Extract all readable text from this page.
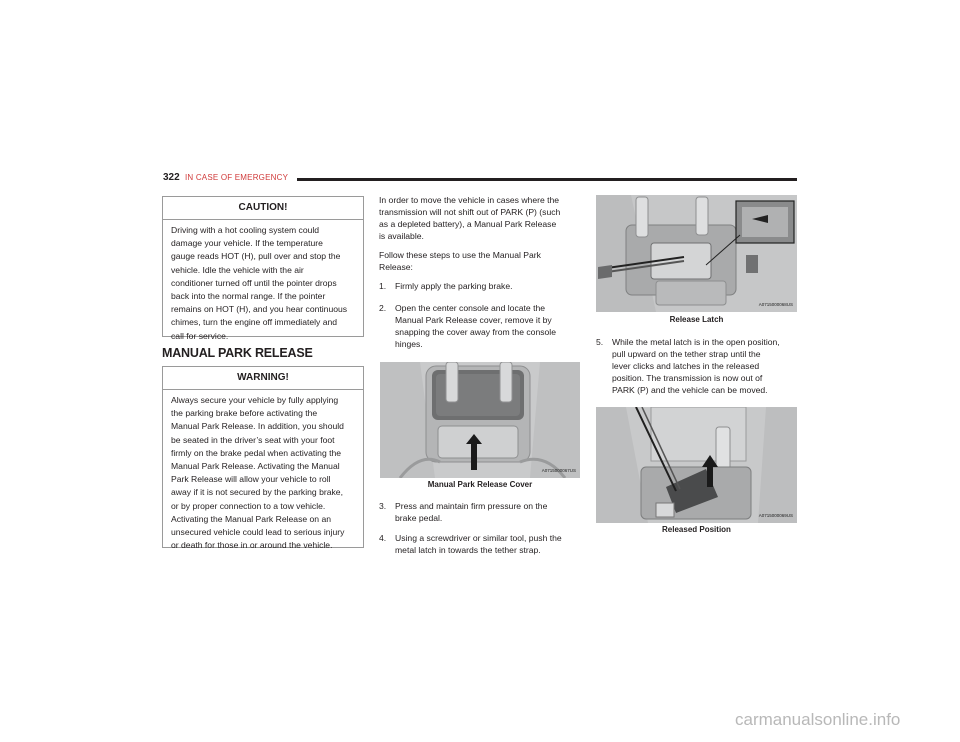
322 IN CASE OF EMERGENCY
CAUTION!
Driving with a hot cooling system could
damage your vehicle. If the temperature
gauge reads HOT (H), pull over and stop the
vehicle. Idle the vehicle with the air
conditioner turned off until the pointer drops
back into the normal range. If the pointer
remains on HOT (H), and you hear continuous
chimes, turn the engine off immediately and
call for service.
MANUAL PARK RELEASE
WARNING!
Always secure your vehicle by fully applying
the parking brake before activating the
Manual Park Release. In addition, you should
be seated in the driver’s seat with your foot
firmly on the brake pedal when activating the
Manual Park Release. Activating the Manual
Park Release will allow your vehicle to roll
away if it is not secured by the parking brake,
or by proper connection to a tow vehicle.
Activating the Manual Park Release on an
unsecured vehicle could lead to serious injury
or death for those in or around the vehicle.
In order to move the vehicle in cases where the
transmission will not shift out of PARK (P) (such
as a depleted battery), a Manual Park Release
is available.
Follow these steps to use the Manual Park
Release:
1. Firmly apply the parking brake.
2. Open the center console and locate the
Manual Park Release cover, remove it by
snapping the cover away from the console
hinges.
A0715000067US
Manual Park Release Cover
3. Press and maintain firm pressure on the
brake pedal.
4. Using a screwdriver or similar tool, push the
metal latch in towards the tether strap.
A0715000068US
Release Latch
5. While the metal latch is in the open position,
pull upward on the tether strap until the
lever clicks and latches in the released
position. The transmission is now out of
PARK (P) and the vehicle can be moved.
A0715000069US
Released Position
carmanualsonline.info
